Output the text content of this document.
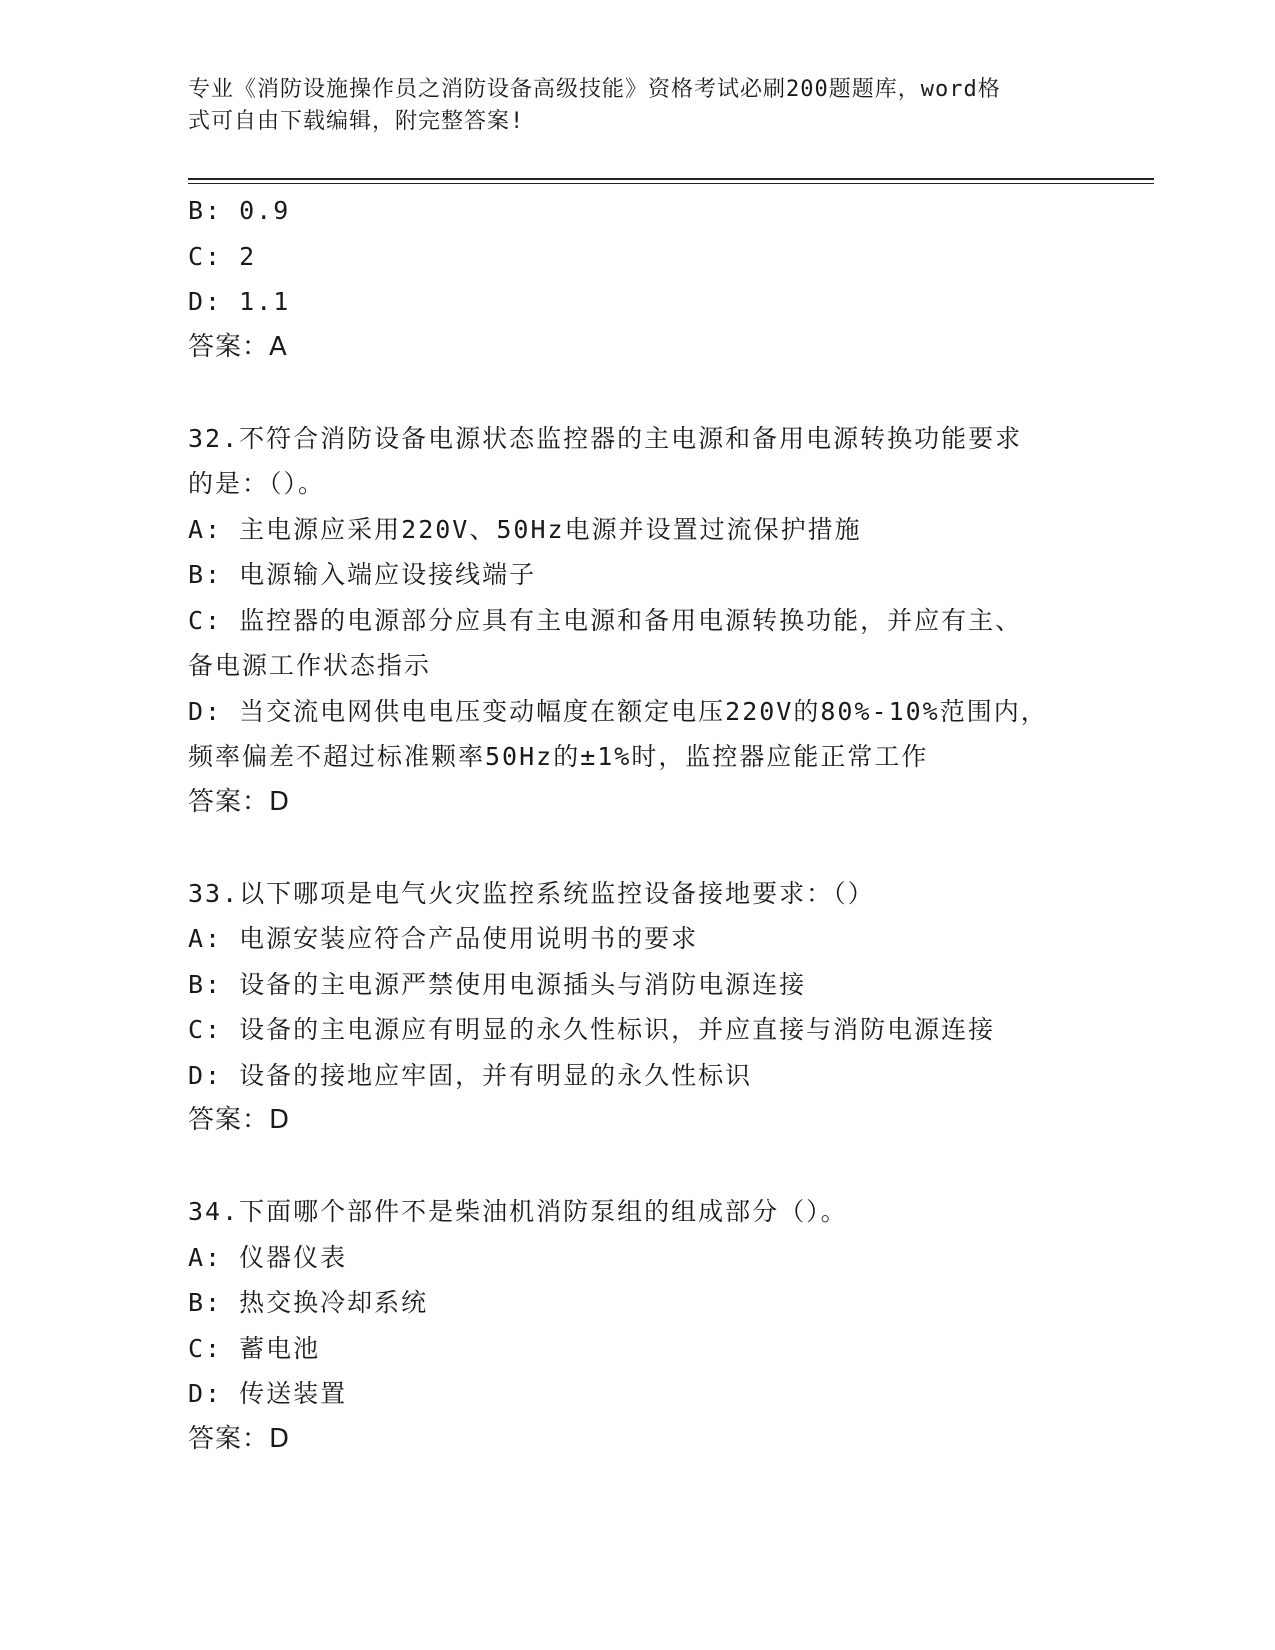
专业《消防设施操作员之消防设备高级技能》资格考试必刷200题题库，word格
式可自由下载编辑，附完整答案!
B: 0.9
C: 2
D: 1.1
答案：A
32.不符合消防设备电源状态监控器的主电源和备用电源转换功能要求
的是：（）。
A: 主电源应采用220V、50Hz电源并设置过流保护措施
B: 电源输入端应设接线端子
C: 监控器的电源部分应具有主电源和备用电源转换功能，并应有主、
备电源工作状态指示
D: 当交流电网供电电压变动幅度在额定电压220V的80%-10%范围内，
频率偏差不超过标准颗率50Hz的±1%时，监控器应能正常工作
答案：D
33.以下哪项是电气火灾监控系统监控设备接地要求：（）
A: 电源安装应符合产品使用说明书的要求
B: 设备的主电源严禁使用电源插头与消防电源连接
C: 设备的主电源应有明显的永久性标识，并应直接与消防电源连接
D: 设备的接地应牢固，并有明显的永久性标识
答案：D
34.下面哪个部件不是柴油机消防泵组的组成部分（）。
A: 仪器仪表
B: 热交换冷却系统
C: 蓄电池
D: 传送装置
答案：D
